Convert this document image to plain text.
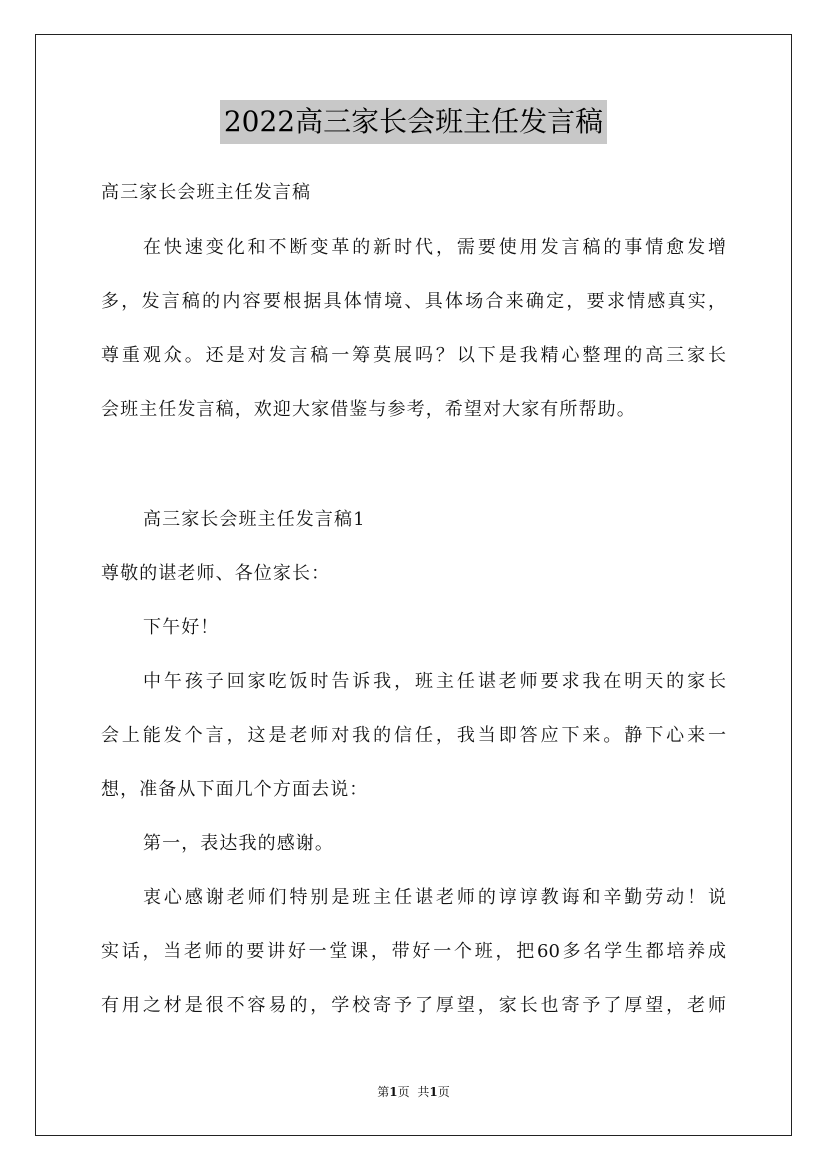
2022高三家长会班主任发言稿
高三家长会班主任发言稿
在快速变化和不断变革的新时代，需要使用发言稿的事情愈发增
多，发言稿的内容要根据具体情境、具体场合来确定，要求情感真实，
尊重观众。还是对发言稿一筹莫展吗？以下是我精心整理的高三家长
会班主任发言稿，欢迎大家借鉴与参考，希望对大家有所帮助。
高三家长会班主任发言稿1
尊敬的谌老师、各位家长：
下午好！
中午孩子回家吃饭时告诉我，班主任谌老师要求我在明天的家长
会上能发个言，这是老师对我的信任，我当即答应下来。静下心来一
想，准备从下面几个方面去说：
第一，表达我的感谢。
衷心感谢老师们特别是班主任谌老师的谆谆教诲和辛勤劳动！说
实话，当老师的要讲好一堂课，带好一个班，把60多名学生都培养成
有用之材是很不容易的，学校寄予了厚望，家长也寄予了厚望，老师
第1页 共1页
